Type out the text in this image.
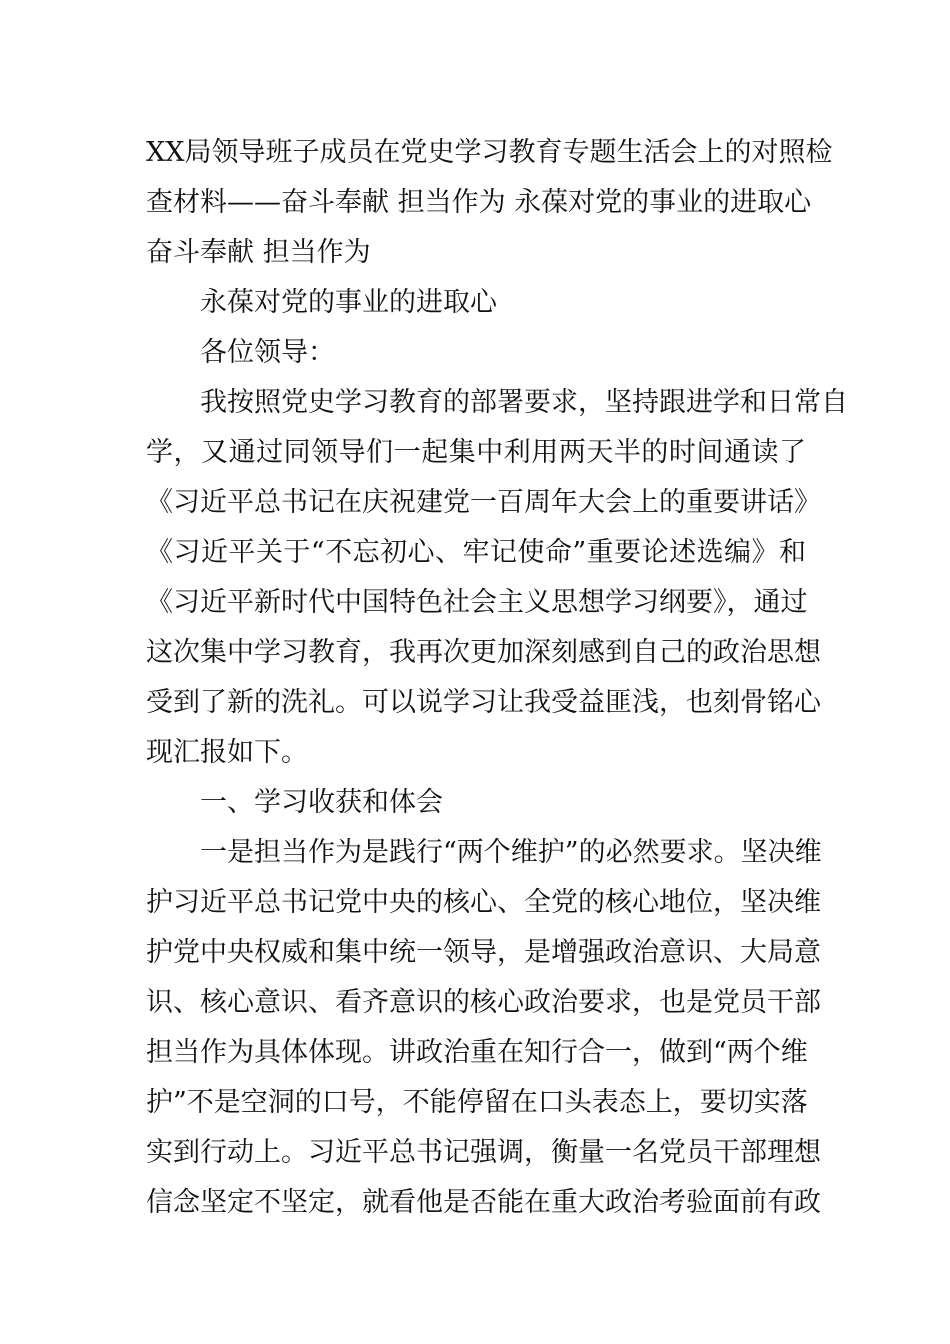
XX局领导班子成员在党史学习教育专题生活会上的对照检
查材料——奋斗奉献 担当作为 永葆对党的事业的进取心

奋斗奉献 担当作为

　　永葆对党的事业的进取心

　　各位领导：

　　我按照党史学习教育的部署要求，坚持跟进学和日常自

学，又通过同领导们一起集中利用两天半的时间通读了

《习近平总书记在庆祝建党一百周年大会上的重要讲话》

《习近平关于“不忘初心、牢记使命”重要论述选编》和

《习近平新时代中国特色社会主义思想学习纲要》，通过

这次集中学习教育，我再次更加深刻感到自己的政治思想

受到了新的洗礼。可以说学习让我受益匪浅，也刻骨铭心

现汇报如下。

　　一、学习收获和体会

　　一是担当作为是践行“两个维护”的必然要求。坚决维

护习近平总书记党中央的核心、全党的核心地位，坚决维

护党中央权威和集中统一领导，是增强政治意识、大局意

识、核心意识、看齐意识的核心政治要求，也是党员干部

担当作为具体体现。讲政治重在知行合一，做到“两个维

护”不是空洞的口号，不能停留在口头表态上，要切实落

实到行动上。习近平总书记强调，衡量一名党员干部理想

信念坚定不坚定，就看他是否能在重大政治考验面前有政
